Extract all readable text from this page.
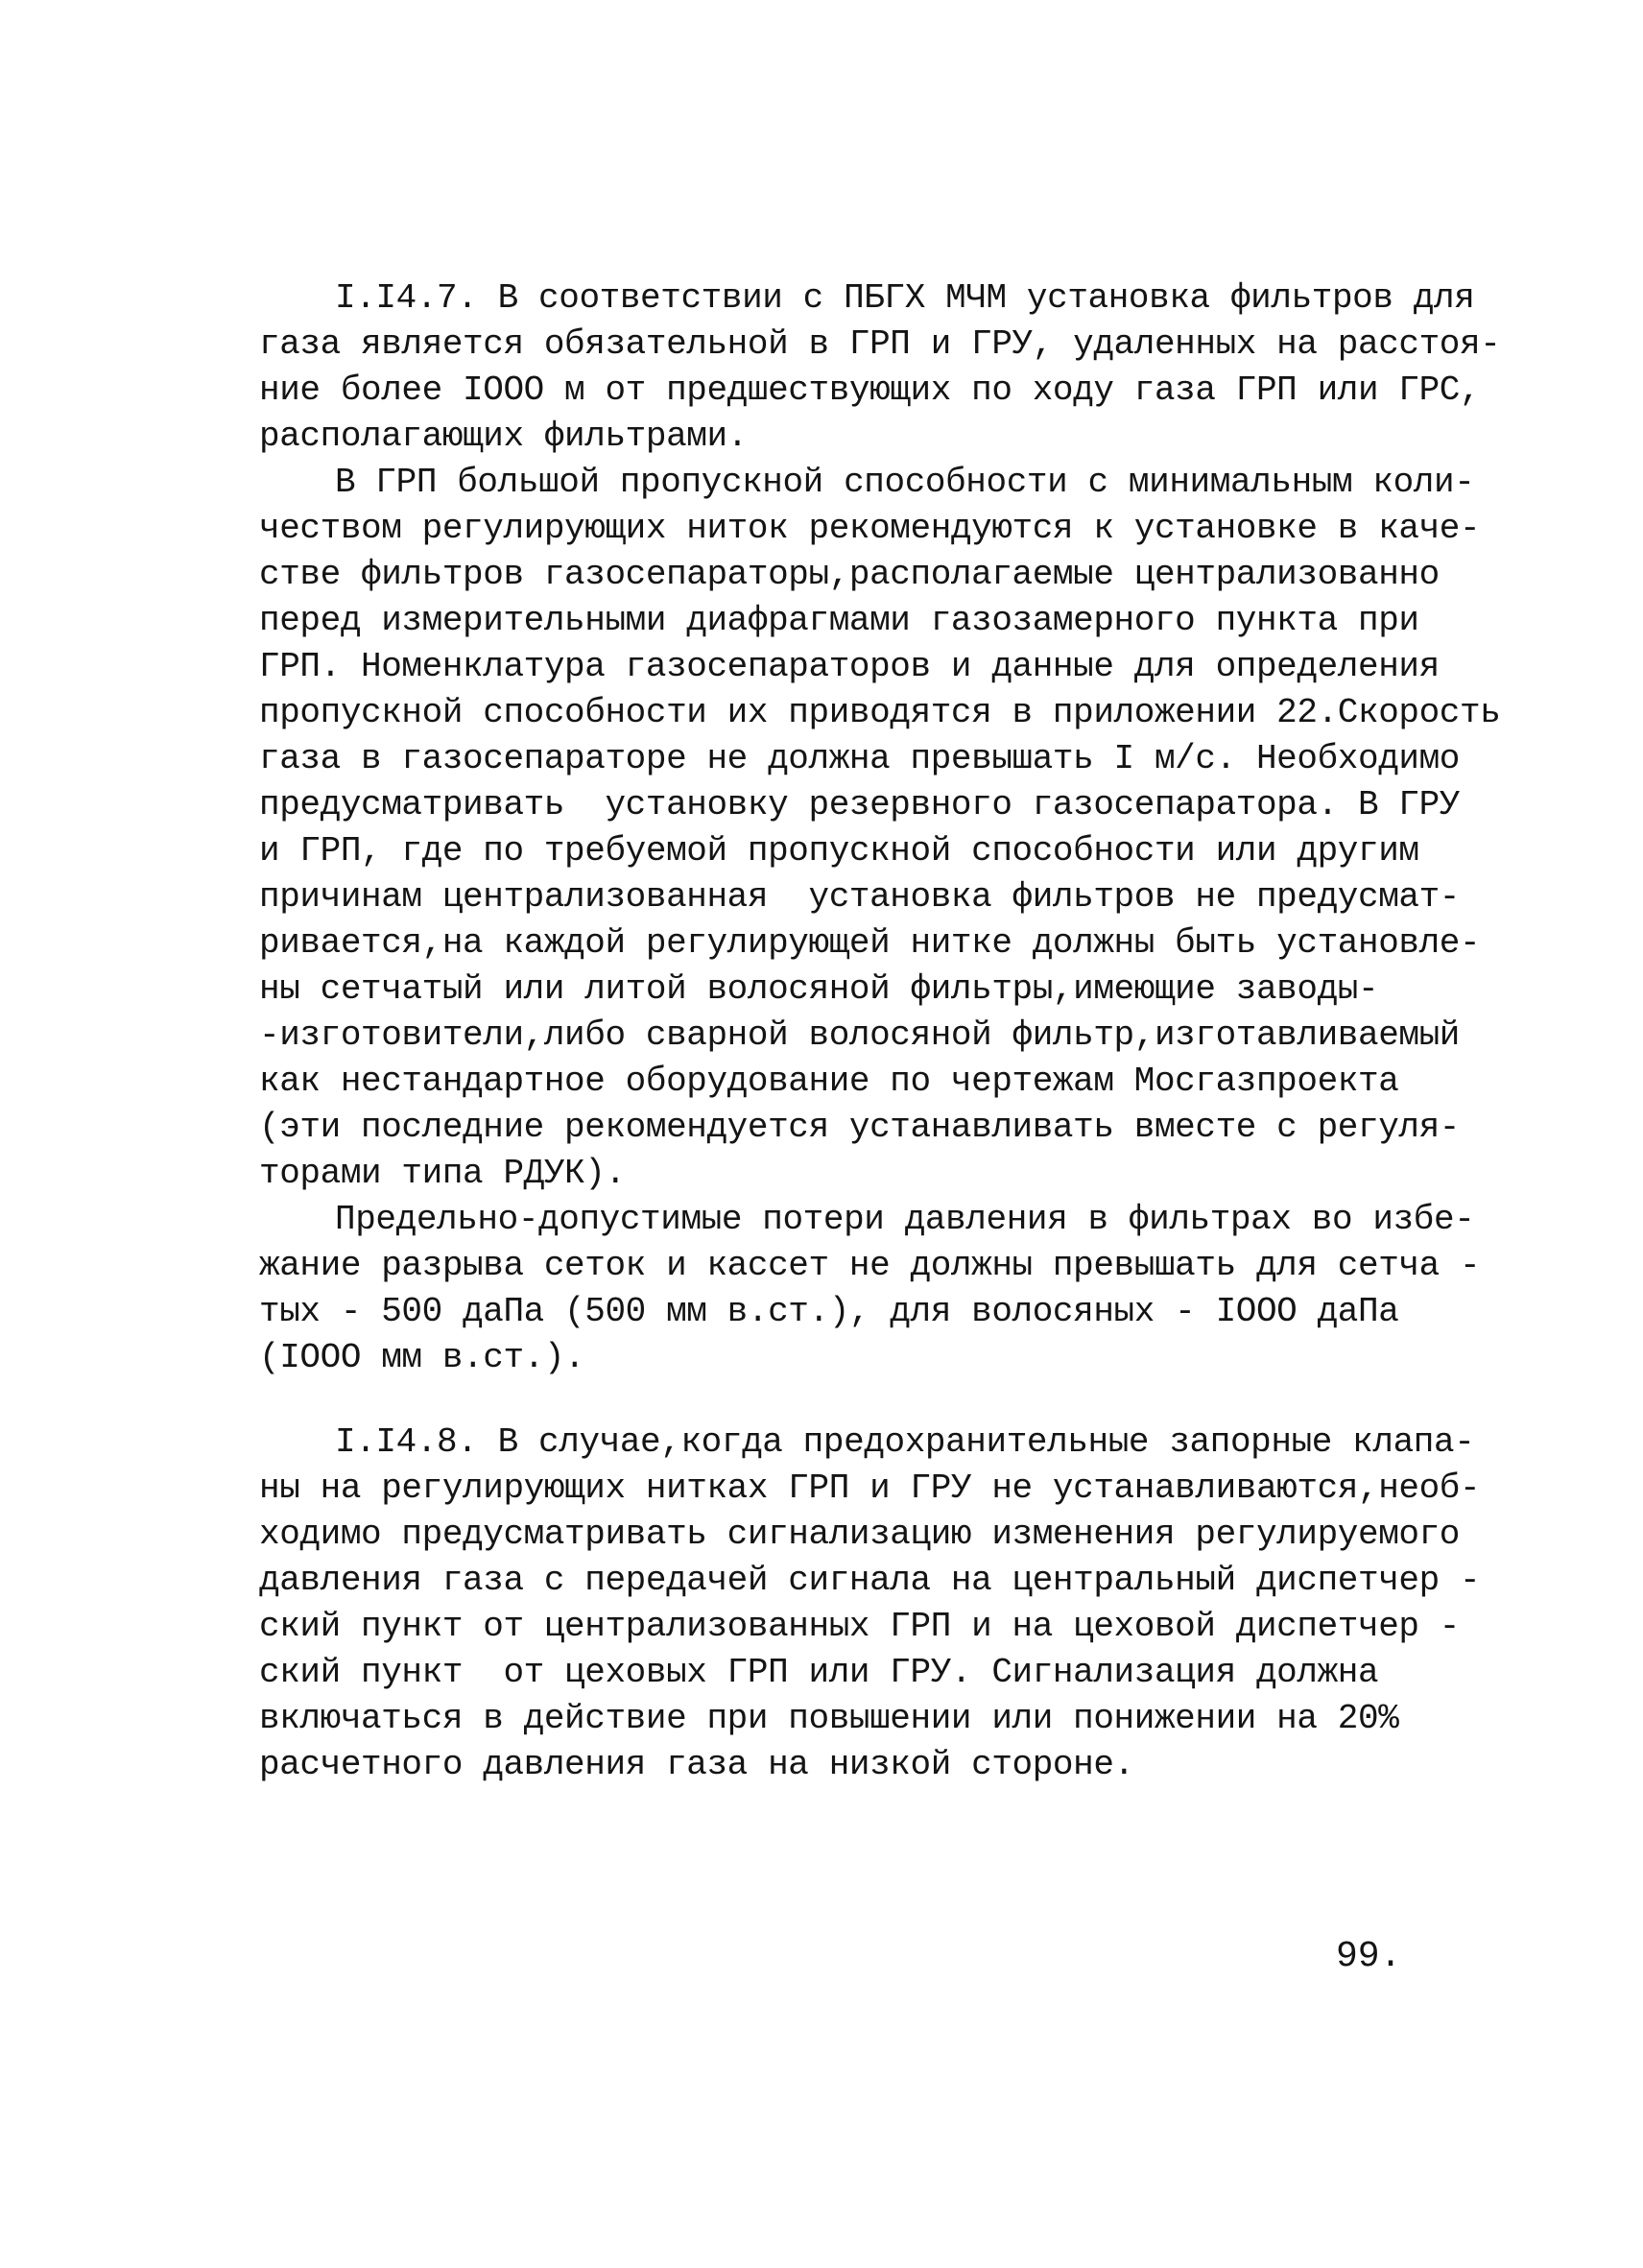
I.I4.7. В соответствии с ПБГХ МЧМ установка фильтров для
газа является обязательной в ГРП и ГРУ, удаленных на расстоя-
ние более IOOO м от предшествующих по ходу газа ГРП или ГРС,
располагающих фильтрами.
В ГРП большой пропускной способности с минимальным коли-
чеством регулирующих ниток рекомендуются к установке в каче-
стве фильтров газосепараторы,располагаемые централизованно
перед измерительными диафрагмами газозамерного пункта при
ГРП. Номенклатура газосепараторов и данные для определения
пропускной способности их приводятся в приложении 22.Скорость
газа в газосепараторе не должна превышать I м/с. Необходимо
предусматривать  установку резервного газосепаратора. В ГРУ
и ГРП, где по требуемой пропускной способности или другим
причинам централизованная  установка фильтров не предусмат-
ривается,на каждой регулирующей нитке должны быть установле-
ны сетчатый или литой волосяной фильтры,имеющие заводы-
-изготовители,либо сварной волосяной фильтр,изготавливаемый
как нестандартное оборудование по чертежам Мосгазпроекта
(эти последние рекомендуется устанавливать вместе с регуля-
торами типа РДУК).
Предельно-допустимые потери давления в фильтрах во избе-
жание разрыва сеток и кассет не должны превышать для сетча -
тых - 500 даПа (500 мм в.ст.), для волосяных - IOOO даПа
(IOOO мм в.ст.).
I.I4.8. В случае,когда предохранительные запорные клапа-
ны на регулирующих нитках ГРП и ГРУ не устанавливаются,необ-
ходимо предусматривать сигнализацию изменения регулируемого
давления газа с передачей сигнала на центральный диспетчер -
ский пункт от централизованных ГРП и на цеховой диспетчер -
ский пункт  от цеховых ГРП или ГРУ. Сигнализация должна
включаться в действие при повышении или понижении на 20%
расчетного давления газа на низкой стороне.
99.
